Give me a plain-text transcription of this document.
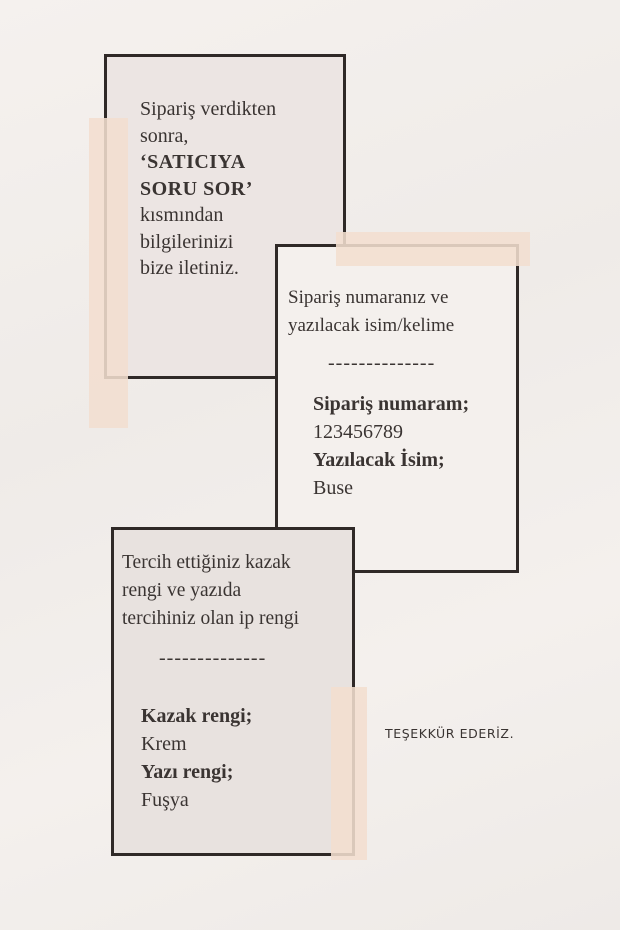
Sipariş verdikten
sonra,
‘SATICIYA
SORU SOR’
kısmından
bilgilerinizi
bize iletiniz.
Sipariş numaranız ve
yazılacak isim/kelime
--------------
Sipariş numaram;
123456789
Yazılacak İsim;
Buse
Tercih ettiğiniz kazak
rengi ve yazıda
tercihiniz olan ip rengi
--------------
Kazak rengi;
Krem
Yazı rengi;
Fuşya
TEŞEKKÜR EDERİZ.
